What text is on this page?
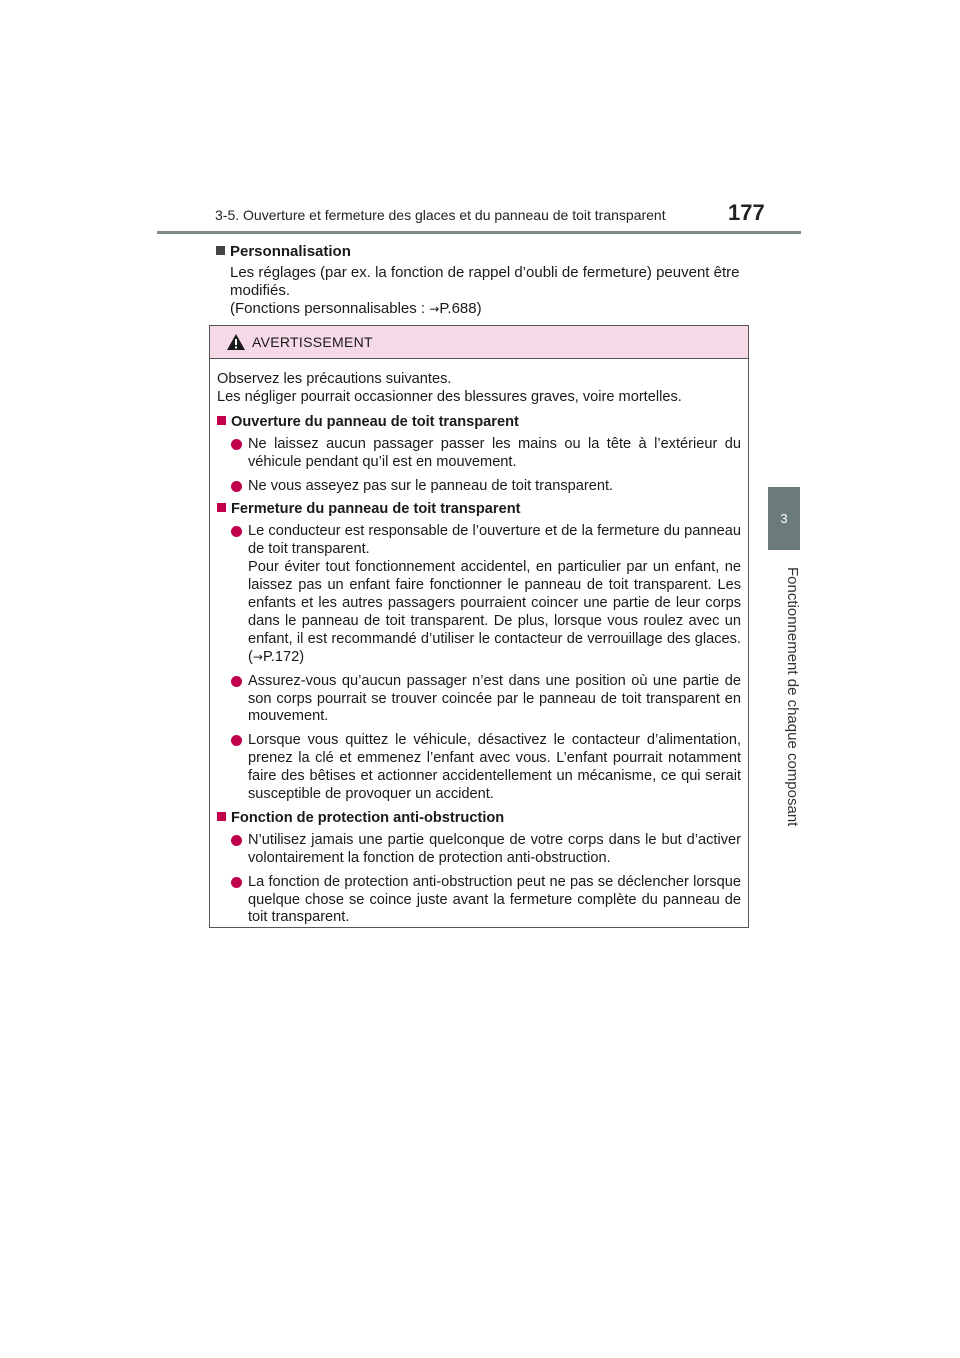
3-5. Ouverture et fermeture des glaces et du panneau de toit transparent	177
3
Fonctionnement de chaque composant
Personnalisation
Les réglages (par ex. la fonction de rappel d’oubli de fermeture) peuvent être modifiés.
(Fonctions personnalisables : →P.688)
AVERTISSEMENT
Observez les précautions suivantes.
Les négliger pourrait occasionner des blessures graves, voire mortelles.
Ouverture du panneau de toit transparent
Ne laissez aucun passager passer les mains ou la tête à l’extérieur du véhicule pendant qu’il est en mouvement.
Ne vous asseyez pas sur le panneau de toit transparent.
Fermeture du panneau de toit transparent
Le conducteur est responsable de l’ouverture et de la fermeture du panneau de toit transparent.
Pour éviter tout fonctionnement accidentel, en particulier par un enfant, ne laissez pas un enfant faire fonctionner le panneau de toit transparent. Les enfants et les autres passagers pourraient coincer une partie de leur corps dans le panneau de toit transparent. De plus, lorsque vous roulez avec un enfant, il est recommandé d’utiliser le contacteur de verrouillage des glaces. (→P.172)
Assurez-vous qu’aucun passager n’est dans une position où une partie de son corps pourrait se trouver coincée par le panneau de toit transparent en mouvement.
Lorsque vous quittez le véhicule, désactivez le contacteur d’alimentation, prenez la clé et emmenez l’enfant avec vous. L’enfant pourrait notamment faire des bêtises et actionner accidentellement un mécanisme, ce qui serait susceptible de provoquer un accident.
Fonction de protection anti-obstruction
N’utilisez jamais une partie quelconque de votre corps dans le but d’activer volontairement la fonction de protection anti-obstruction.
La fonction de protection anti-obstruction peut ne pas se déclencher lorsque quelque chose se coince juste avant la fermeture complète du panneau de toit transparent.
